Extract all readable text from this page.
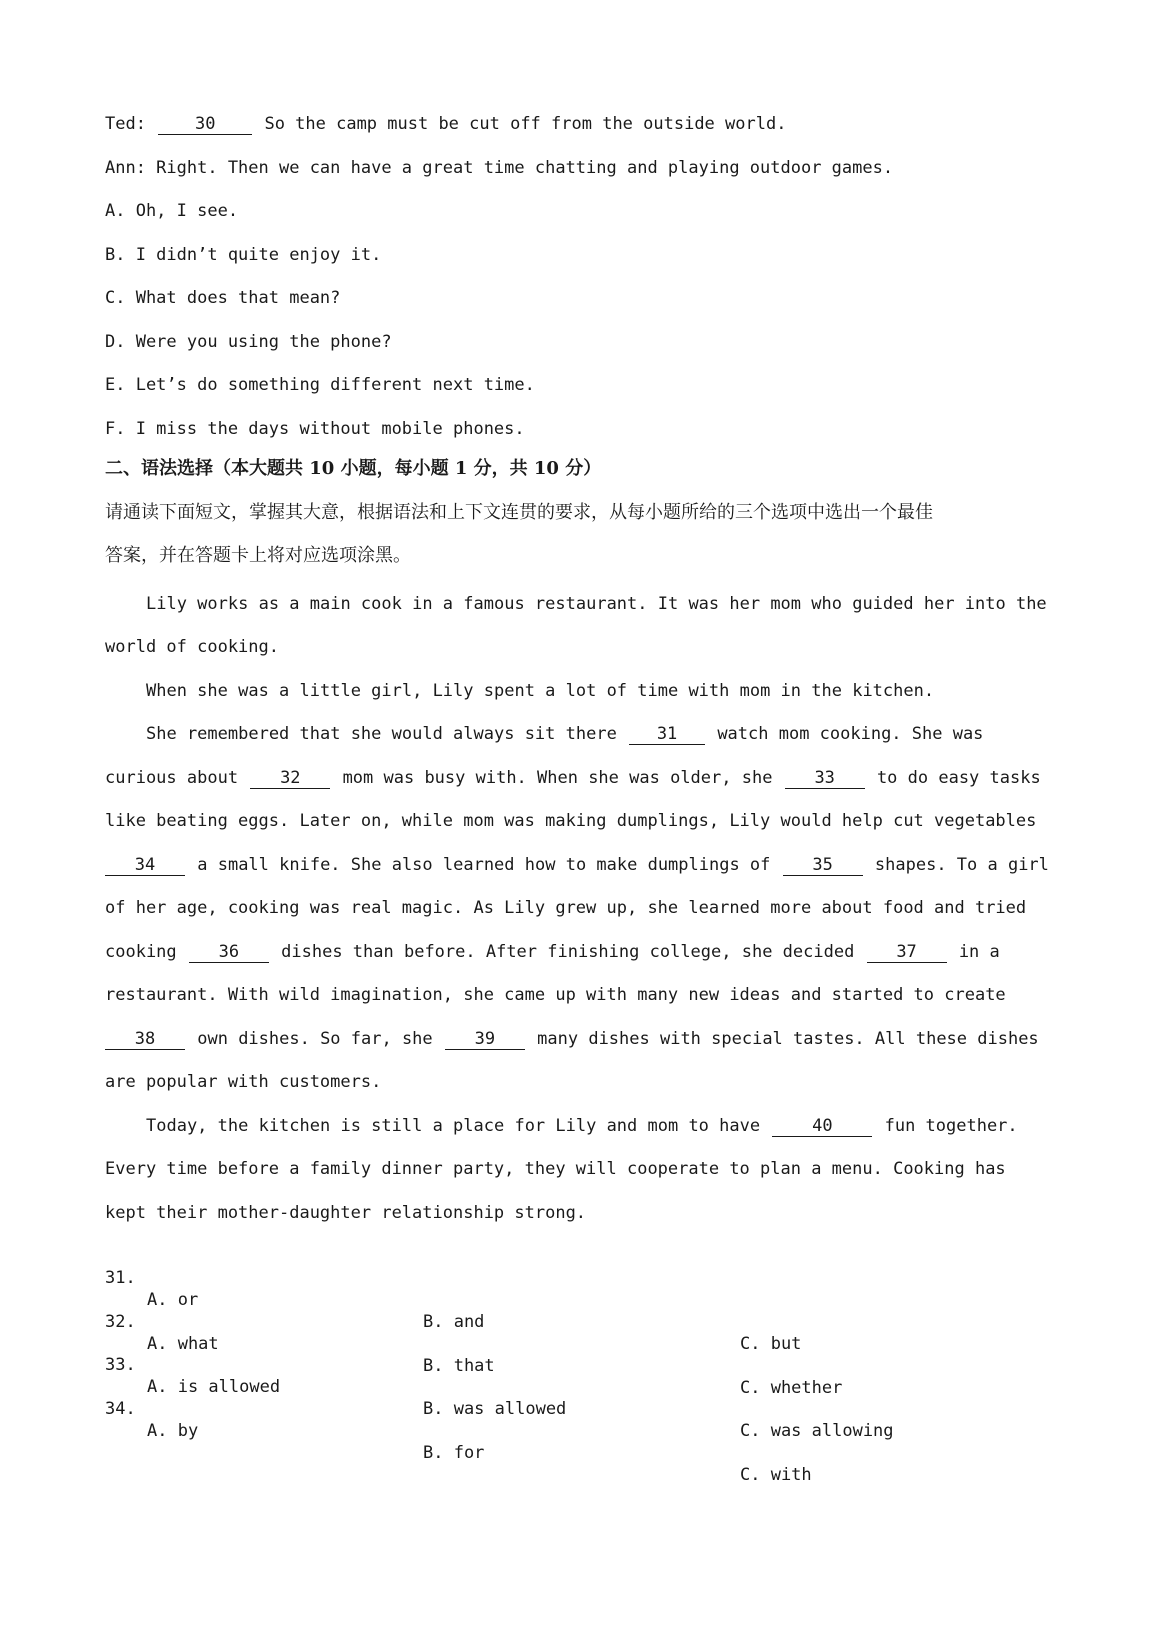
Ted:	30	So the camp must be cut off from the outside world.
Ann: Right. Then we can have a great time chatting and playing outdoor games.
A. Oh, I see.
B. I didn’t quite enjoy it.
C. What does that mean?
D. Were you using the phone?
E. Let’s do something different next time.
F. I miss the days without mobile phones.
二、语法选择（本大题共 10 小题，每小题 1 分，共 10 分）
请通读下面短文，掌握其大意，根据语法和上下文连贯的要求，从每小题所给的三个选项中选出一个最佳
答案，并在答题卡上将对应选项涂黑。
Lily works as a main cook in a famous restaurant. It was her mom who guided her into the
world of cooking.
When she was a little girl, Lily spent a lot of time with mom in the kitchen.
She remembered that she would always sit there 31 watch mom cooking. She was
curious about 32 mom was busy with. When she was older, she 33 to do easy tasks
like beating eggs. Later on, while mom was making dumplings, Lily would help cut vegetables
34 a small knife. She also learned how to make dumplings of 35 shapes. To a girl
of her age, cooking was real magic. As Lily grew up, she learned more about food and tried
cooking 36 dishes than before. After finishing college, she decided 37 in a
restaurant. With wild imagination, she came up with many new ideas and started to create
38 own dishes. So far, she 39 many dishes with special tastes. All these dishes
are popular with customers.
Today, the kitchen is still a place for Lily and mom to have	40	fun together.
Every time before a family dinner party, they will cooperate to plan a menu. Cooking has
kept their mother-daughter relationship strong.

31.

A. or

B. and

C. but

32.

A. what

B. that

C. whether

33.

A. is allowed

B. was allowed

C. was allowing

34.

A. by

B. for

C. with
